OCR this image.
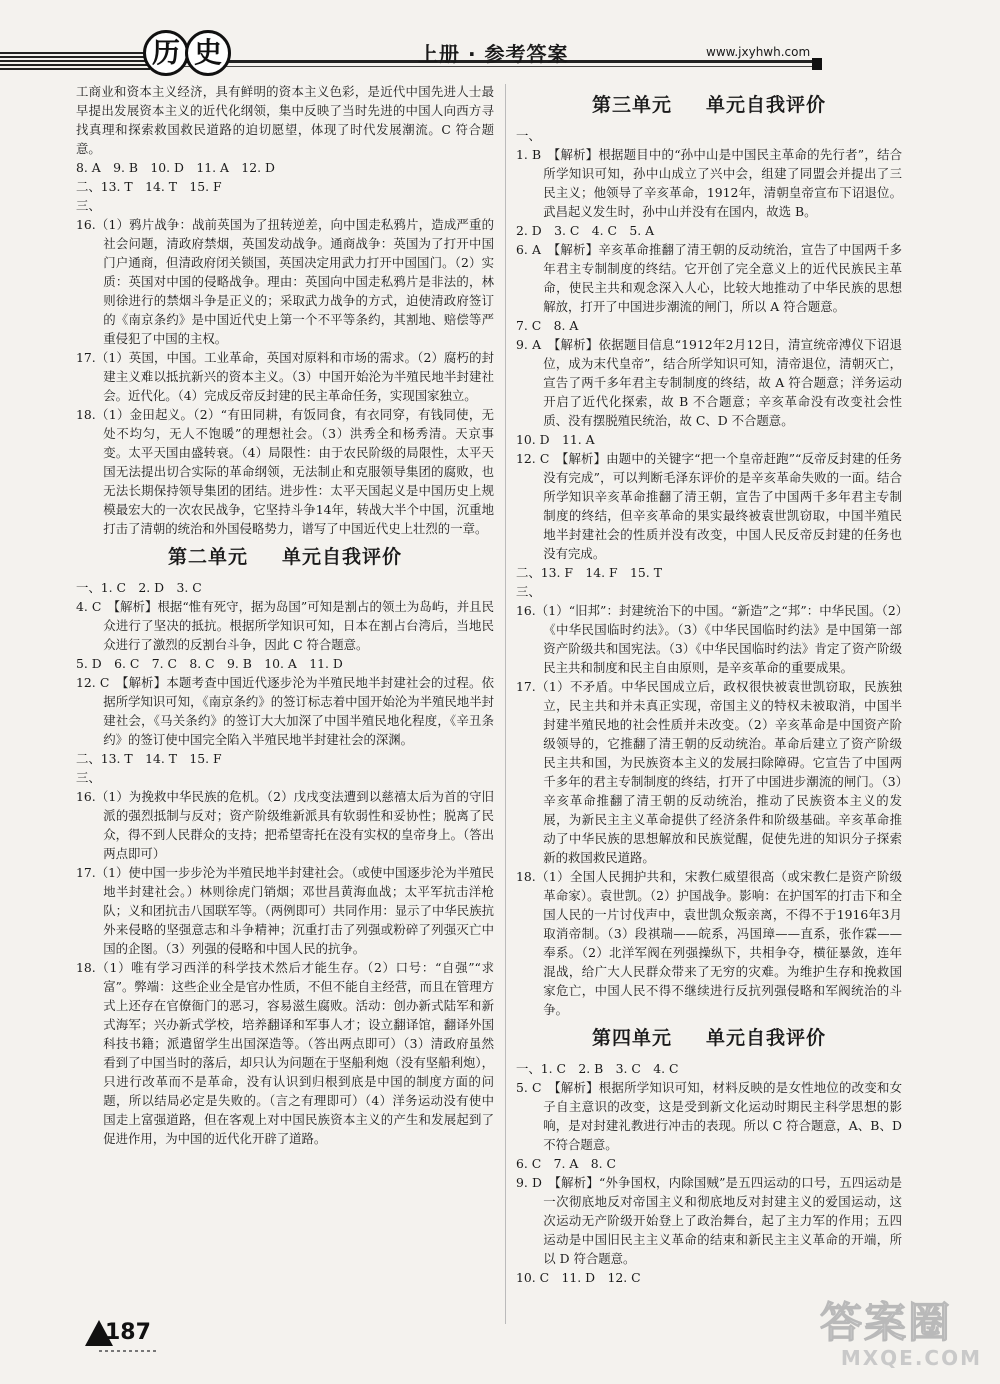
历 史	上册 · 参考答案	www.jxyhwh.com

工商业和资本主义经济，具有鲜明的资本主义色彩，是近代中国先进人士最早提出发展资本主义的近代化纲领，集中反映了当时先进的中国人向西方寻找真理和探索救国救民道路的迫切愿望，体现了时代发展潮流。C 符合题意。

8. A　9. B　10. D　11. A　12. D

二、13. T　14. T　15. F

三、

16.（1）鸦片战争：战前英国为了扭转逆差，向中国走私鸦片，造成严重的社会问题，清政府禁烟，英国发动战争。通商战争：英国为了打开中国门户通商，但清政府闭关锁国，英国决定用武力打开中国国门。（2）实质：英国对中国的侵略战争。理由：英国向中国走私鸦片是非法的，林则徐进行的禁烟斗争是正义的；采取武力战争的方式，迫使清政府签订的《南京条约》是中国近代史上第一个不平等条约，其割地、赔偿等严重侵犯了中国的主权。

17.（1）英国，中国。工业革命，英国对原料和市场的需求。（2）腐朽的封建主义难以抵抗新兴的资本主义。（3）中国开始沦为半殖民地半封建社会。近代化。（4）完成反帝反封建的民主革命任务，实现国家独立。

18.（1）金田起义。（2）“有田同耕，有饭同食，有衣同穿，有钱同使，无处不均匀，无人不饱暖”的理想社会。（3）洪秀全和杨秀清。天京事变。太平天国由盛转衰。（4）局限性：由于农民阶级的局限性，太平天国无法提出切合实际的革命纲领，无法制止和克服领导集团的腐败，也无法长期保持领导集团的团结。进步性：太平天国起义是中国历史上规模最宏大的一次农民战争，它坚持斗争14年，转战大半个中国，沉重地打击了清朝的统治和外国侵略势力，谱写了中国近代史上壮烈的一章。

第二单元 单元自我评价

一、1. C　2. D　3. C

4. C　【解析】根据“惟有死守，据为岛国”可知是割占的领土为岛屿，并且民众进行了坚决的抵抗。根据所学知识可知，日本在割占台湾后，当地民众进行了激烈的反割台斗争，因此 C 符合题意。

5. D　6. C　7. C　8. C　9. B　10. A　11. D

12. C　【解析】本题考查中国近代逐步沦为半殖民地半封建社会的过程。依据所学知识可知，《南京条约》的签订标志着中国开始沦为半殖民地半封建社会，《马关条约》的签订大大加深了中国半殖民地化程度，《辛丑条约》的签订使中国完全陷入半殖民地半封建社会的深渊。

二、13. T　14. T　15. F

三、

16.（1）为挽救中华民族的危机。（2）戊戌变法遭到以慈禧太后为首的守旧派的强烈抵制与反对；资产阶级维新派具有软弱性和妥协性；脱离了民众，得不到人民群众的支持；把希望寄托在没有实权的皇帝身上。（答出两点即可）

17.（1）使中国一步步沦为半殖民地半封建社会。（或使中国逐步沦为半殖民地半封建社会。）林则徐虎门销烟；邓世昌黄海血战；太平军抗击洋枪队；义和团抗击八国联军等。（两例即可）共同作用：显示了中华民族抗外来侵略的坚强意志和斗争精神；沉重打击了列强或粉碎了列强灭亡中国的企图。（3）列强的侵略和中国人民的抗争。

18.（1）唯有学习西洋的科学技术然后才能生存。（2）口号：“自强”“求富”。弊端：这些企业全是官办性质，不但不能自主经营，而且在管理方式上还存在官僚衙门的恶习，容易滋生腐败。活动：创办新式陆军和新式海军；兴办新式学校，培养翻译和军事人才；设立翻译馆，翻译外国科技书籍；派遣留学生出国深造等。（答出两点即可）（3）清政府虽然看到了中国当时的落后，却只认为问题在于坚船利炮（没有坚船利炮），只进行改革而不是革命，没有认识到归根到底是中国的制度方面的问题，所以结局必定是失败的。（言之有理即可）（4）洋务运动没有使中国走上富强道路，但在客观上对中国民族资本主义的产生和发展起到了促进作用，为中国的近代化开辟了道路。

第三单元 单元自我评价

一、

1. B　【解析】根据题目中的“孙中山是中国民主革命的先行者”，结合所学知识可知，孙中山成立了兴中会，组建了同盟会并提出了三民主义；他领导了辛亥革命，1912年，清朝皇帝宣布下诏退位。武昌起义发生时，孙中山并没有在国内，故选 B。

2. D　3. C　4. C　5. A

6. A　【解析】辛亥革命推翻了清王朝的反动统治，宣告了中国两千多年君主专制制度的终结。它开创了完全意义上的近代民族民主革命，使民主共和观念深入人心，比较大地推动了中华民族的思想解放，打开了中国进步潮流的闸门，所以 A 符合题意。

7. C　8. A

9. A　【解析】依据题目信息“1912年2月12日，清宣统帝溥仪下诏退位，成为末代皇帝”，结合所学知识可知，清帝退位，清朝灭亡，宣告了两千多年君主专制制度的终结，故 A 符合题意；洋务运动开启了近代化探索，故 B 不合题意；辛亥革命没有改变社会性质、没有摆脱殖民统治，故 C、D 不合题意。

10. D　11. A

12. C　【解析】由题中的关键字“把一个皇帝赶跑”“反帝反封建的任务没有完成”，可以判断毛泽东评价的是辛亥革命失败的一面。结合所学知识辛亥革命推翻了清王朝，宣告了中国两千多年君主专制制度的终结，但辛亥革命的果实最终被袁世凯窃取，中国半殖民地半封建社会的性质并没有改变，中国人民反帝反封建的任务也没有完成。

二、13. F　14. F　15. T

三、

16.（1）“旧邦”：封建统治下的中国。“新造”之“邦”：中华民国。（2）《中华民国临时约法》。（3）《中华民国临时约法》是中国第一部资产阶级共和国宪法。（3）《中华民国临时约法》肯定了资产阶级民主共和制度和民主自由原则，是辛亥革命的重要成果。

17.（1）不矛盾。中华民国成立后，政权很快被袁世凯窃取，民族独立，民主共和并未真正实现，帝国主义的特权未被取消，中国半封建半殖民地的社会性质并未改变。（2）辛亥革命是中国资产阶级领导的，它推翻了清王朝的反动统治。革命后建立了资产阶级民主共和国，为民族资本主义的发展扫除障碍。它宣告了中国两千多年的君主专制制度的终结，打开了中国进步潮流的闸门。（3）辛亥革命推翻了清王朝的反动统治，推动了民族资本主义的发展，为新民主主义革命提供了经济条件和阶级基础。辛亥革命推动了中华民族的思想解放和民族觉醒，促使先进的知识分子探索新的救国救民道路。

18.（1）全国人民拥护共和，宋教仁威望很高（或宋教仁是资产阶级革命家）。袁世凯。（2）护国战争。影响：在护国军的打击下和全国人民的一片讨伐声中，袁世凯众叛亲离，不得不于1916年3月取消帝制。（3）段祺瑞——皖系，冯国璋——直系，张作霖——奉系。（2）北洋军阀在列强操纵下，共相争夺，横征暴敛，连年混战，给广大人民群众带来了无穷的灾难。为维护生存和挽救国家危亡，中国人民不得不继续进行反抗列强侵略和军阀统治的斗争。

第四单元 单元自我评价

一、1. C　2. B　3. C　4. C

5. C　【解析】根据所学知识可知，材料反映的是女性地位的改变和女子自主意识的改变，这是受到新文化运动时期民主科学思想的影响，是对封建礼教进行冲击的表现。所以 C 符合题意，A、B、D 不符合题意。

6. C　7. A　8. C

9. D　【解析】“外争国权，内除国贼”是五四运动的口号，五四运动是一次彻底地反对帝国主义和彻底地反对封建主义的爱国运动，这次运动无产阶级开始登上了政治舞台，起了主力军的作用；五四运动是中国旧民主主义革命的结束和新民主主义革命的开端，所以 D 符合题意。

10. C　11. D　12. C

187	答案圈
MXQE.COM
